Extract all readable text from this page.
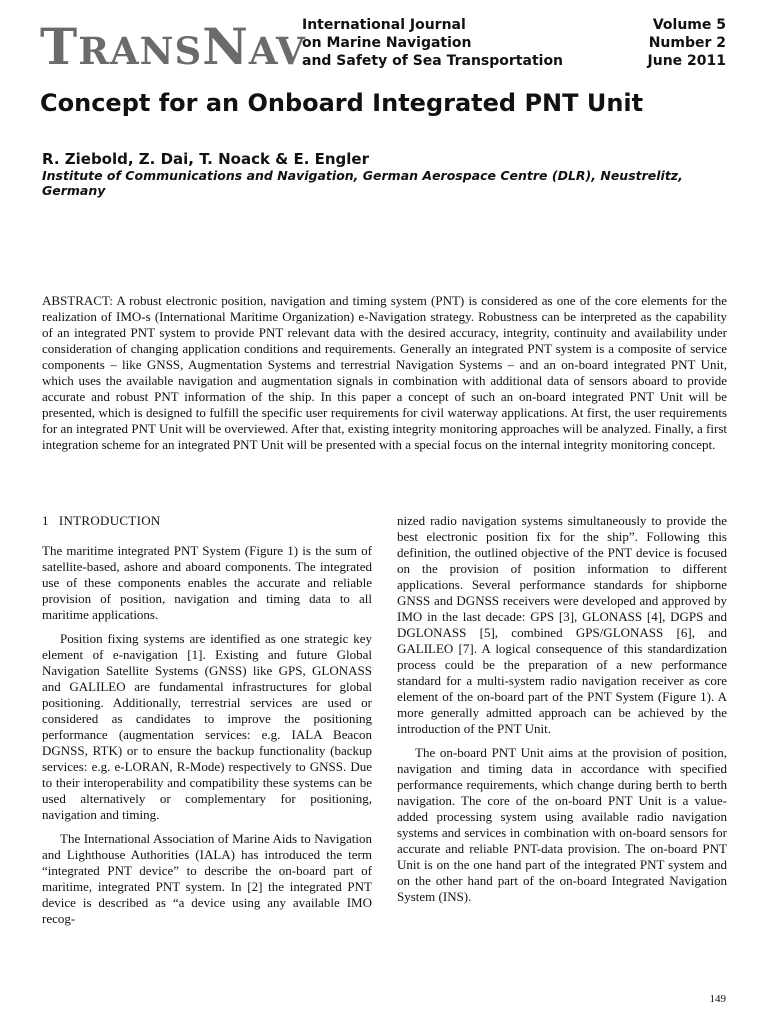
T RANS N AV
International Journal
on Marine Navigation
and Safety of Sea Transportation
Volume 5
Number 2
June 2011
Concept for an Onboard Integrated PNT Unit
R. Ziebold, Z. Dai, T. Noack & E. Engler
Institute of Communications and Navigation, German Aerospace Centre (DLR), Neustrelitz, Germany

ABSTRACT: A robust electronic position, navigation and timing system (PNT) is considered as one of the core elements for the realization of IMO-s (International Maritime Organization) e-Navigation strategy. Robustness can be interpreted as the capability of an integrated PNT system to provide PNT relevant data with the desired accuracy, integrity, continuity and availability under consideration of changing application conditions and requirements. Generally an integrated PNT system is a composite of service components – like GNSS, Augmentation Systems and terrestrial Navigation Systems – and an on-board integrated PNT Unit, which uses the available navigation and augmentation signals in combination with additional data of sensors aboard to provide accurate and robust PNT information of the ship. In this paper a concept of such an on-board integrated PNT Unit will be presented, which is designed to fulfill the specific user requirements for civil waterway applications. At first, the user requirements for an integrated PNT Unit will be overviewed. After that, existing integrity monitoring approaches will be analyzed. Finally, a first integration scheme for an integrated PNT Unit will be presented with a special focus on the internal integrity monitoring concept.

1 INTRODUCTION

The maritime integrated PNT System (Figure 1) is the sum of satellite-based, ashore and aboard components. The integrated use of these components enables the accurate and reliable provision of position, navigation and timing data to all maritime applications.

Position fixing systems are identified as one strategic key element of e-navigation [1]. Existing and future Global Navigation Satellite Systems (GNSS) like GPS, GLONASS and GALILEO are fundamental infrastructures for global positioning. Additionally, terrestrial services are used or considered as candidates to improve the positioning performance (augmentation services: e.g. IALA Beacon DGNSS, RTK) or to ensure the backup functionality (backup services: e.g. e-LORAN, R-Mode) respectively to GNSS. Due to their interoperability and compatibility these systems can be used alternatively or complementary for positioning, navigation and timing.

The International Association of Marine Aids to Navigation and Lighthouse Authorities (IALA) has introduced the term “integrated PNT device” to describe the on-board part of maritime, integrated PNT system. In [2] the integrated PNT device is described as “a device using any available IMO recog-

nized radio navigation systems simultaneously to provide the best electronic position fix for the ship”. Following this definition, the outlined objective of the PNT device is focused on the provision of position information to different applications. Several performance standards for shipborne GNSS and DGNSS receivers were developed and approved by IMO in the last decade: GPS [3], GLONASS [4], DGPS and DGLONASS [5], combined GPS/GLONASS [6], and GALILEO [7]. A logical consequence of this standardization process could be the preparation of a new performance standard for a multi-system radio navigation receiver as core element of the on-board part of the PNT System (Figure 1). A more generally admitted approach can be achieved by the introduction of the PNT Unit.

The on-board PNT Unit aims at the provision of position, navigation and timing data in accordance with specified performance requirements, which change during berth to berth navigation. The core of the on-board PNT Unit is a value-added processing system using available radio navigation systems and services in combination with on-board sensors for accurate and reliable PNT-data provision. The on-board PNT Unit is on the one hand part of the integrated PNT system and on the other hand part of the on-board Integrated Navigation System (INS).

149
